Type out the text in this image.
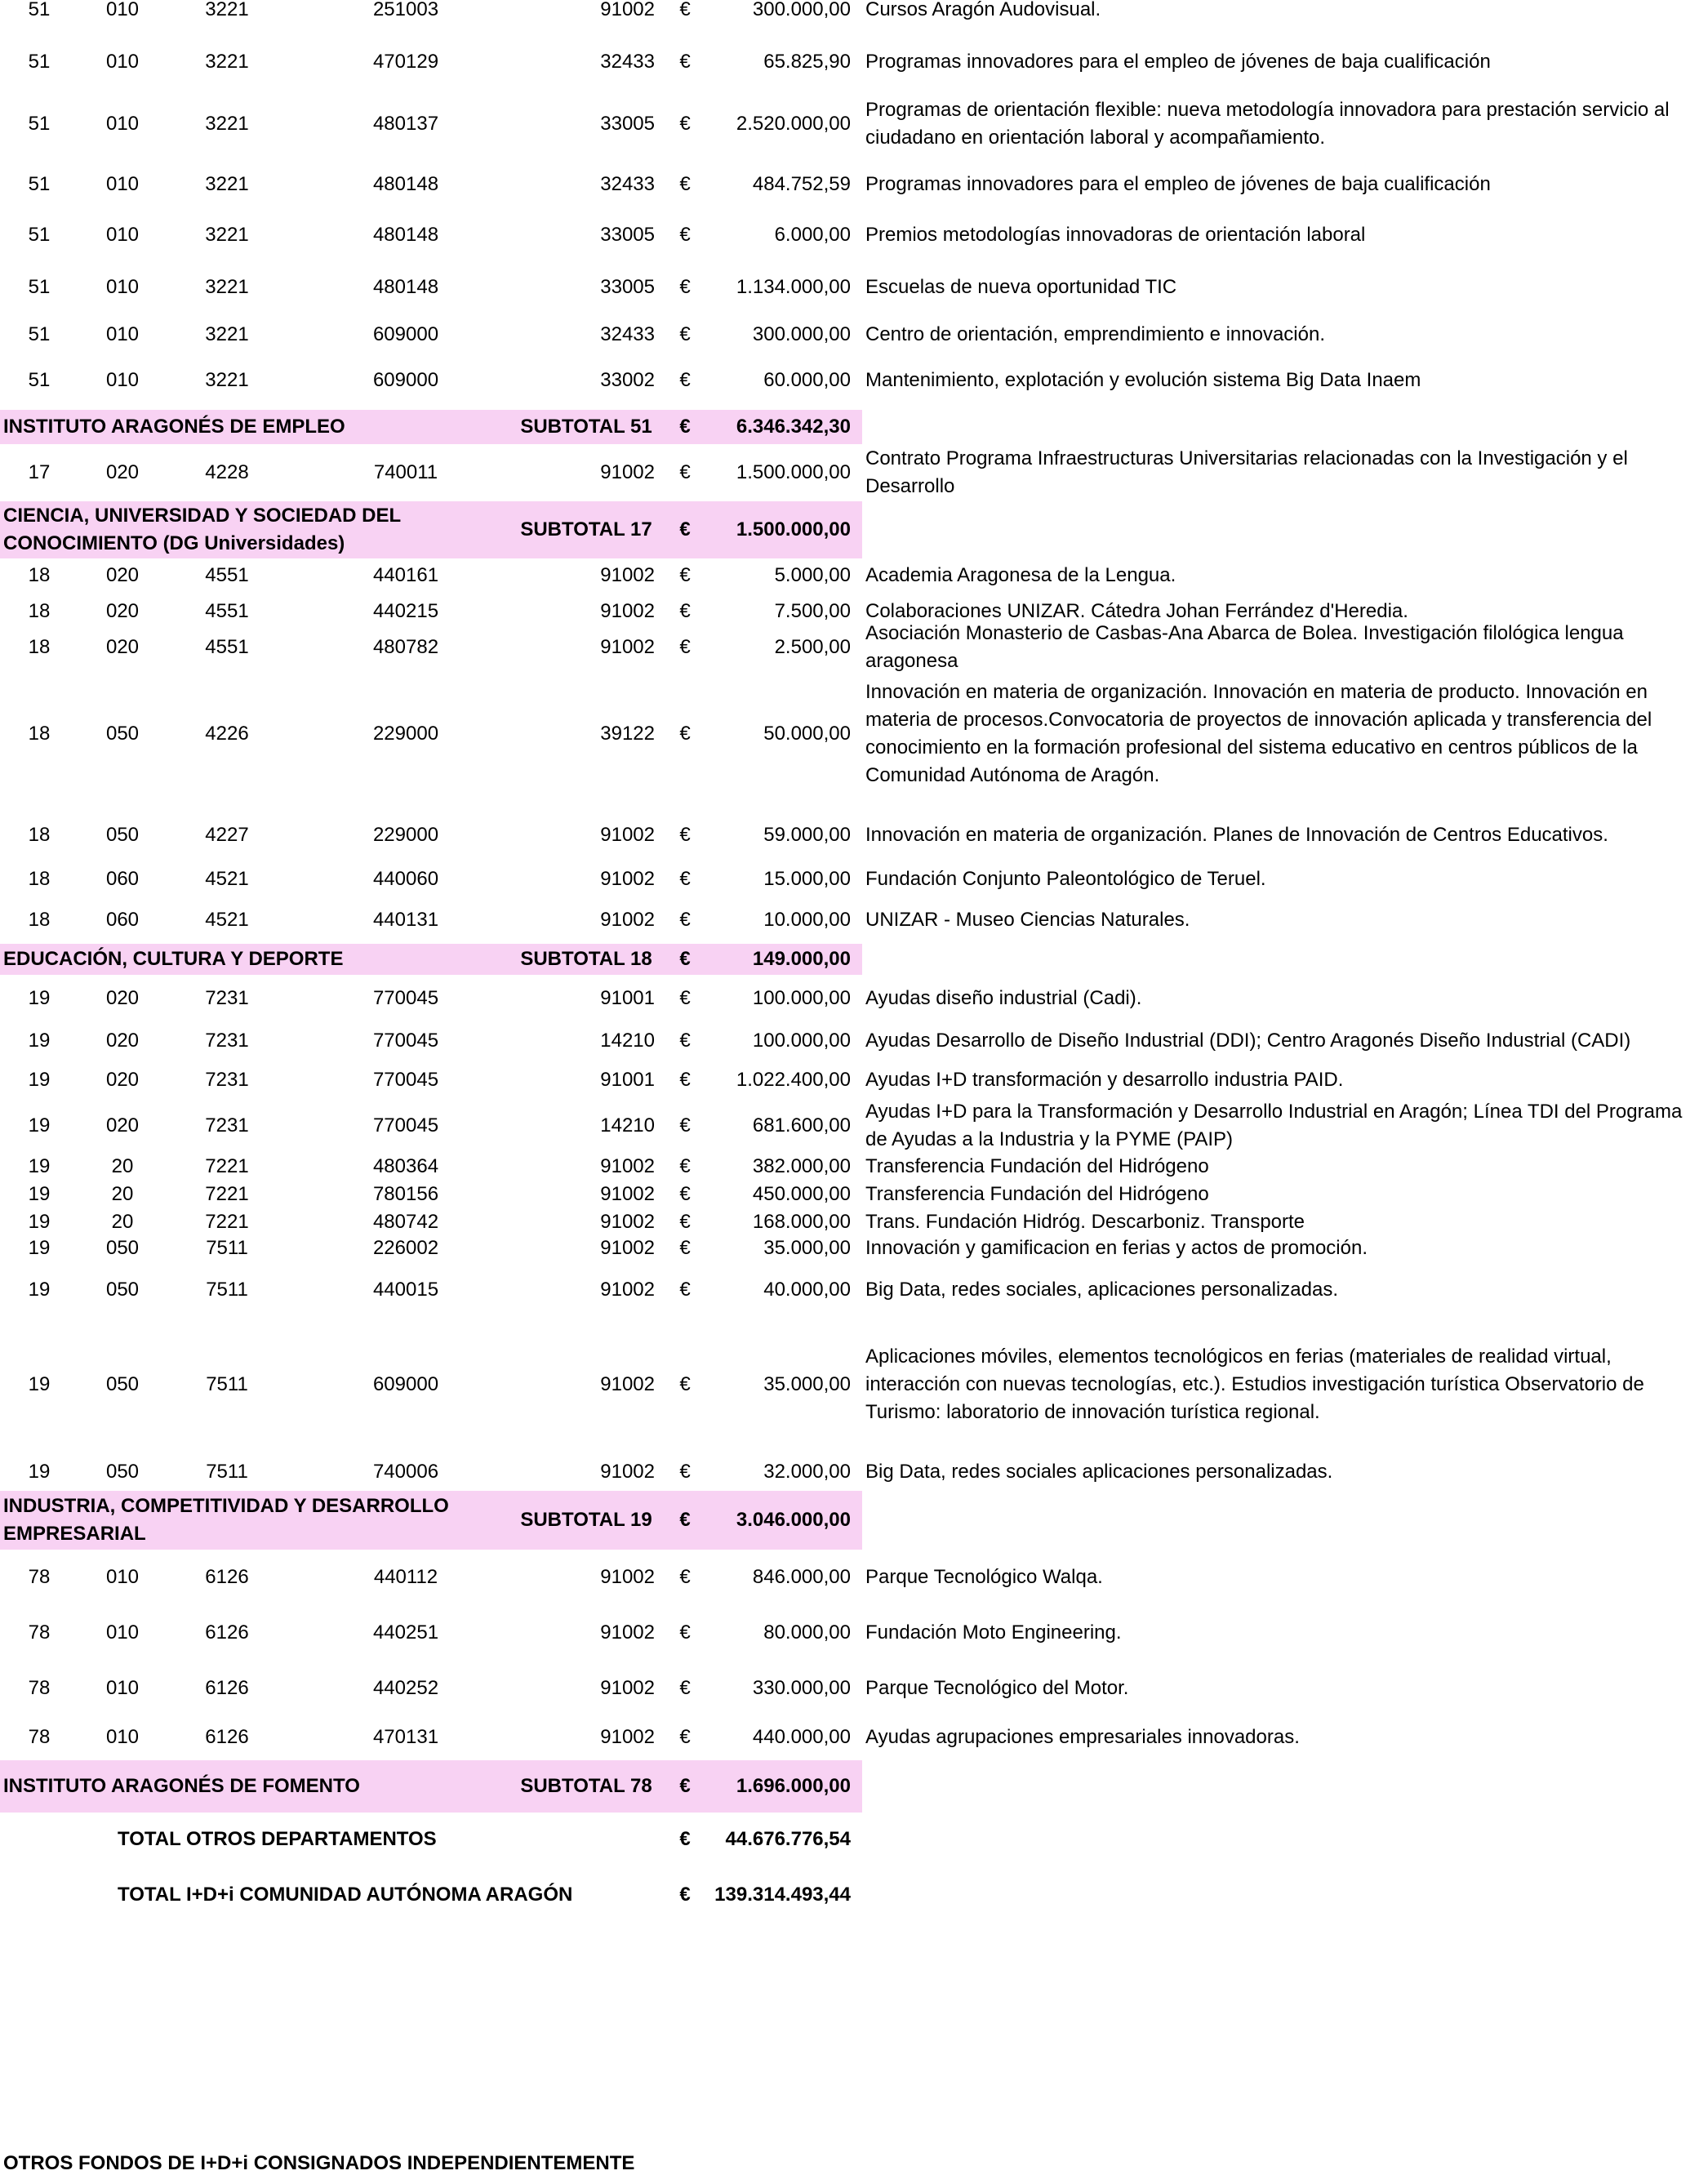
51	010	3221	251003	91002	€	300.000,00 Cursos Aragón Audovisual.
51	010	3221	470129	32433	€	65.825,90 Programas innovadores para el empleo de jóvenes de baja cualificación
51	010	3221	480137	33005	€	2.520.000,00
Programas de orientación flexible: nueva metodología innovadora para prestación servicio al ciudadano en orientación laboral y acompañamiento.
51	010	3221	480148	32433	€	484.752,59 Programas innovadores para el empleo de jóvenes de baja cualificación
51	010	3221	480148	33005	€	6.000,00 Premios metodologías innovadoras de orientación laboral
51	010	3221	480148	33005	€	1.134.000,00 Escuelas de nueva oportunidad TIC
51	010	3221	609000	32433	€	300.000,00 Centro de orientación, emprendimiento e innovación.
51	010	3221	609000	33002	€	60.000,00 Mantenimiento, explotación y evolución sistema Big Data Inaem
INSTITUTO ARAGONÉS DE EMPLEO	SUBTOTAL 51	€	6.346.342,30
17	020	4228	740011	91002	€	1.500.000,00
Contrato Programa Infraestructuras Universitarias relacionadas con la Investigación y el Desarrollo
CIENCIA, UNIVERSIDAD Y SOCIEDAD DEL CONOCIMIENTO (DG Universidades)
SUBTOTAL 17	€	1.500.000,00
18	020	4551	440161	91002	€	5.000,00 Academia Aragonesa de la Lengua.
18	020	4551	440215	91002	€	7.500,00 Colaboraciones UNIZAR. Cátedra Johan Ferrández d'Heredia.
18	020	4551	480782	91002	€	2.500,00
Asociación Monasterio de Casbas-Ana Abarca de Bolea. Investigación filológica lengua aragonesa
18	050	4226	229000	39122	€	50.000,00
Innovación en materia de organización. Innovación en materia de producto. Innovación en materia de procesos.Convocatoria de proyectos de innovación aplicada y transferencia del conocimiento en la formación profesional del sistema educativo en centros públicos de la Comunidad Autónoma de Aragón.
18	050	4227	229000	91002	€	59.000,00 Innovación en materia de organización. Planes de Innovación de Centros Educativos.
18	060	4521	440060	91002	€	15.000,00 Fundación Conjunto Paleontológico de Teruel.
18	060	4521	440131	91002	€	10.000,00 UNIZAR - Museo Ciencias Naturales.
EDUCACIÓN, CULTURA Y DEPORTE	SUBTOTAL 18	€	149.000,00
19	020	7231	770045	91001	€	100.000,00 Ayudas diseño industrial (Cadi).
19	020	7231	770045	14210	€	100.000,00 Ayudas Desarrollo de Diseño Industrial (DDI); Centro Aragonés Diseño Industrial (CADI)
19	020	7231	770045	91001	€	1.022.400,00 Ayudas I+D transformación y desarrollo industria PAID.
19	020	7231	770045	14210	€	681.600,00
Ayudas I+D para la Transformación y Desarrollo Industrial en Aragón; Línea TDI del Programa de Ayudas a la Industria y la PYME (PAIP)
19	20	7221	480364	91002	€	382.000,00 Transferencia Fundación del Hidrógeno
19	20	7221	780156	91002	€	450.000,00 Transferencia Fundación del Hidrógeno
19	20	7221	480742	91002	€	168.000,00 Trans. Fundación Hidróg. Descarboniz. Transporte
19	050	7511	226002	91002	€	35.000,00 Innovación y gamificacion en ferias y actos de promoción.
19	050	7511	440015	91002	€	40.000,00 Big Data, redes sociales, aplicaciones personalizadas.
19	050	7511	609000	91002	€	35.000,00
Aplicaciones móviles, elementos tecnológicos en ferias (materiales de realidad virtual, interacción con nuevas tecnologías, etc.). Estudios investigación turística Observatorio de Turismo: laboratorio de innovación turística regional.
19	050	7511	740006	91002	€	32.000,00 Big Data, redes sociales aplicaciones personalizadas.
INDUSTRIA, COMPETITIVIDAD Y DESARROLLO EMPRESARIAL
SUBTOTAL 19	€	3.046.000,00
78	010	6126	440112	91002	€	846.000,00 Parque Tecnológico Walqa.
78	010	6126	440251	91002	€	80.000,00 Fundación Moto Engineering.
78	010	6126	440252	91002	€	330.000,00 Parque Tecnológico del Motor.
78	010	6126	470131	91002	€	440.000,00 Ayudas agrupaciones empresariales innovadoras.
INSTITUTO ARAGONÉS DE FOMENTO	SUBTOTAL 78	€	1.696.000,00
TOTAL OTROS DEPARTAMENTOS	€	44.676.776,54
TOTAL I+D+i COMUNIDAD AUTÓNOMA ARAGÓN	€	139.314.493,44
OTROS FONDOS DE I+D+i CONSIGNADOS INDEPENDIENTEMENTE
